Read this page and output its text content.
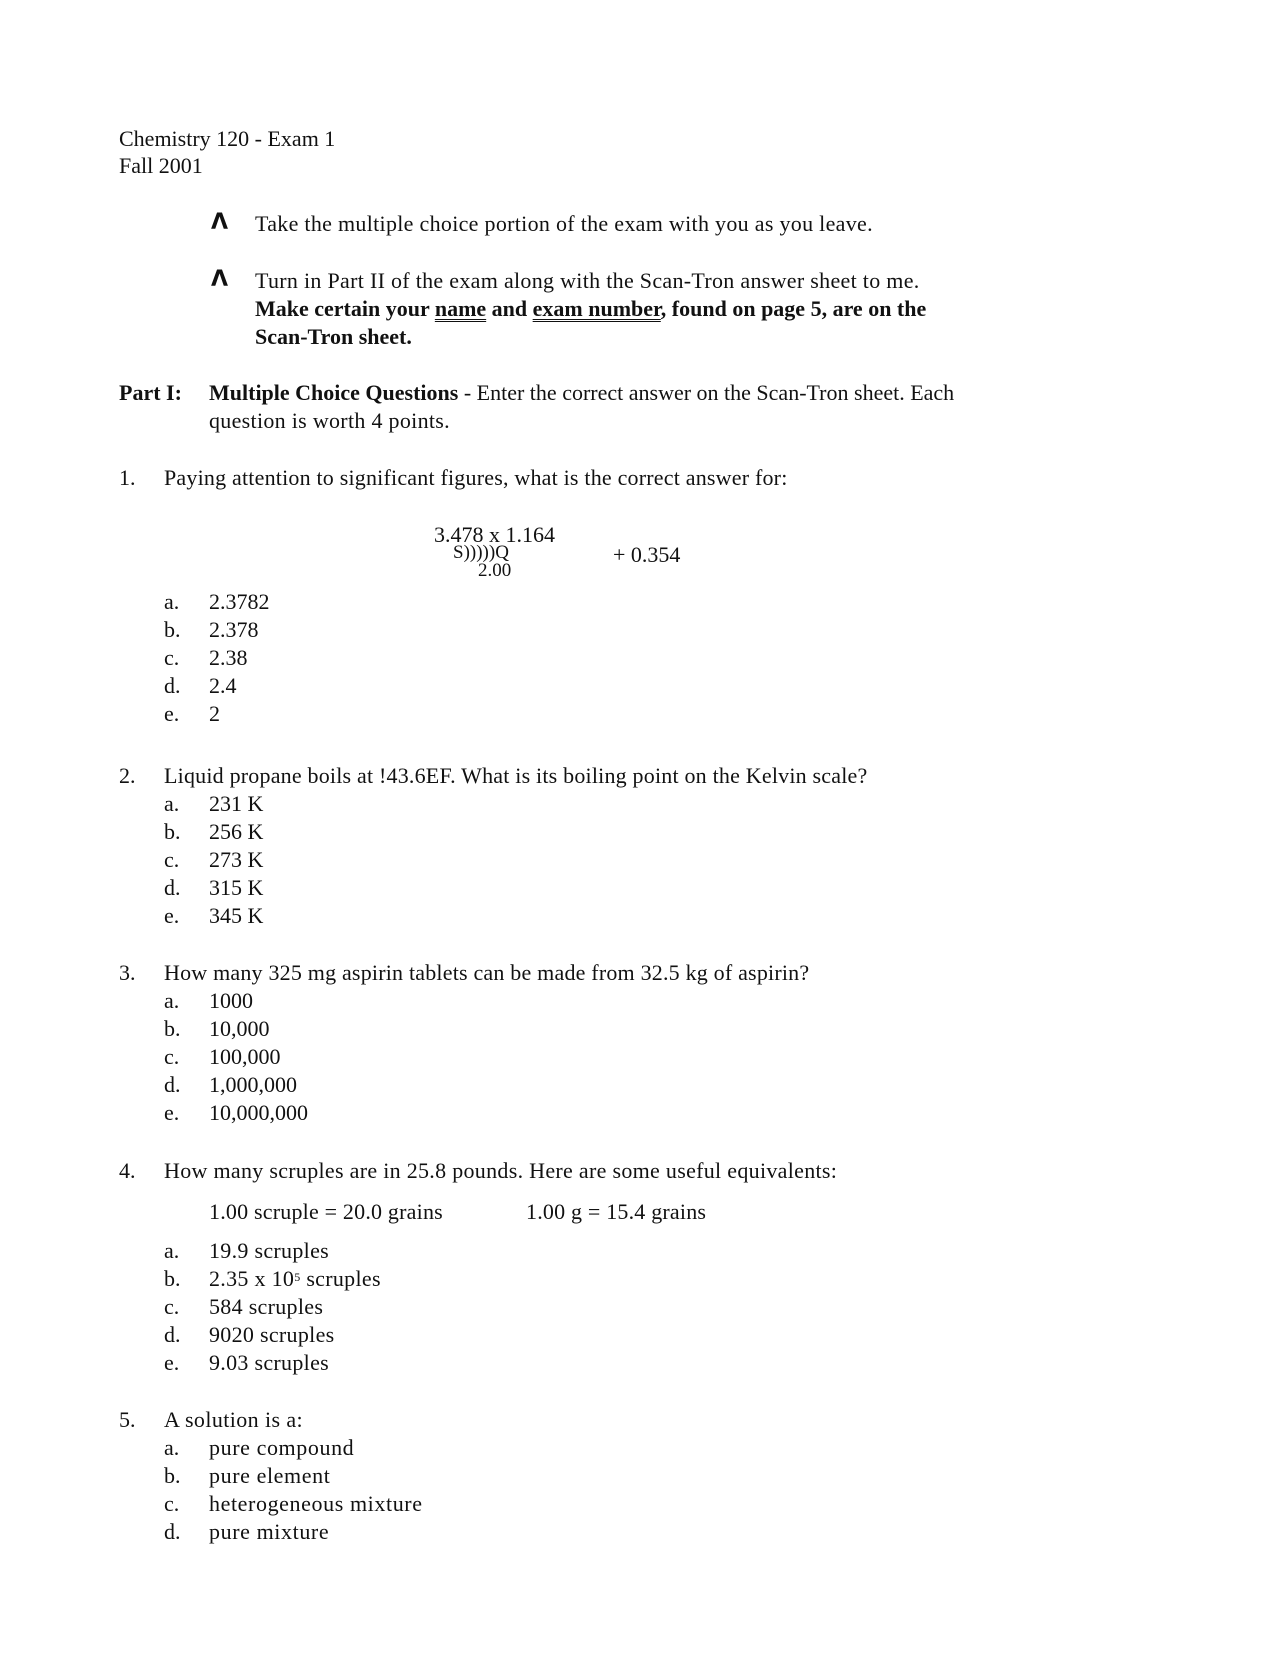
Chemistry 120 - Exam 1
Fall 2001
Λ Take the multiple choice portion of the exam with you as you leave.
Λ Turn in Part II of the exam along with the Scan-Tron answer sheet to me.
Make certain your name and exam number, found on page 5, are on the
Scan-Tron sheet.
Part I: Multiple Choice Questions - Enter the correct answer on the Scan-Tron sheet. Each
question is worth 4 points.
1. Paying attention to significant figures, what is the correct answer for:
3.478 x 1.164
S)))))Q
2.00
+ 0.354
a. 2.3782
b. 2.378
c. 2.38
d. 2.4
e. 2
2. Liquid propane boils at !43.6EF. What is its boiling point on the Kelvin scale?
a. 231 K
b. 256 K
c. 273 K
d. 315 K
e. 345 K
3. How many 325 mg aspirin tablets can be made from 32.5 kg of aspirin?
a. 1000
b. 10,000
c. 100,000
d. 1,000,000
e. 10,000,000
4. How many scruples are in 25.8 pounds. Here are some useful equivalents:
1.00 scruple = 20.0 grains	1.00 g = 15.4 grains
a. 19.9 scruples
b. 2.35 x $10^5$ scruples
c. 584 scruples
d. 9020 scruples
e. 9.03 scruples
5. A solution is a:
a. pure compound
b. pure element
c. heterogeneous mixture
d. pure mixture
